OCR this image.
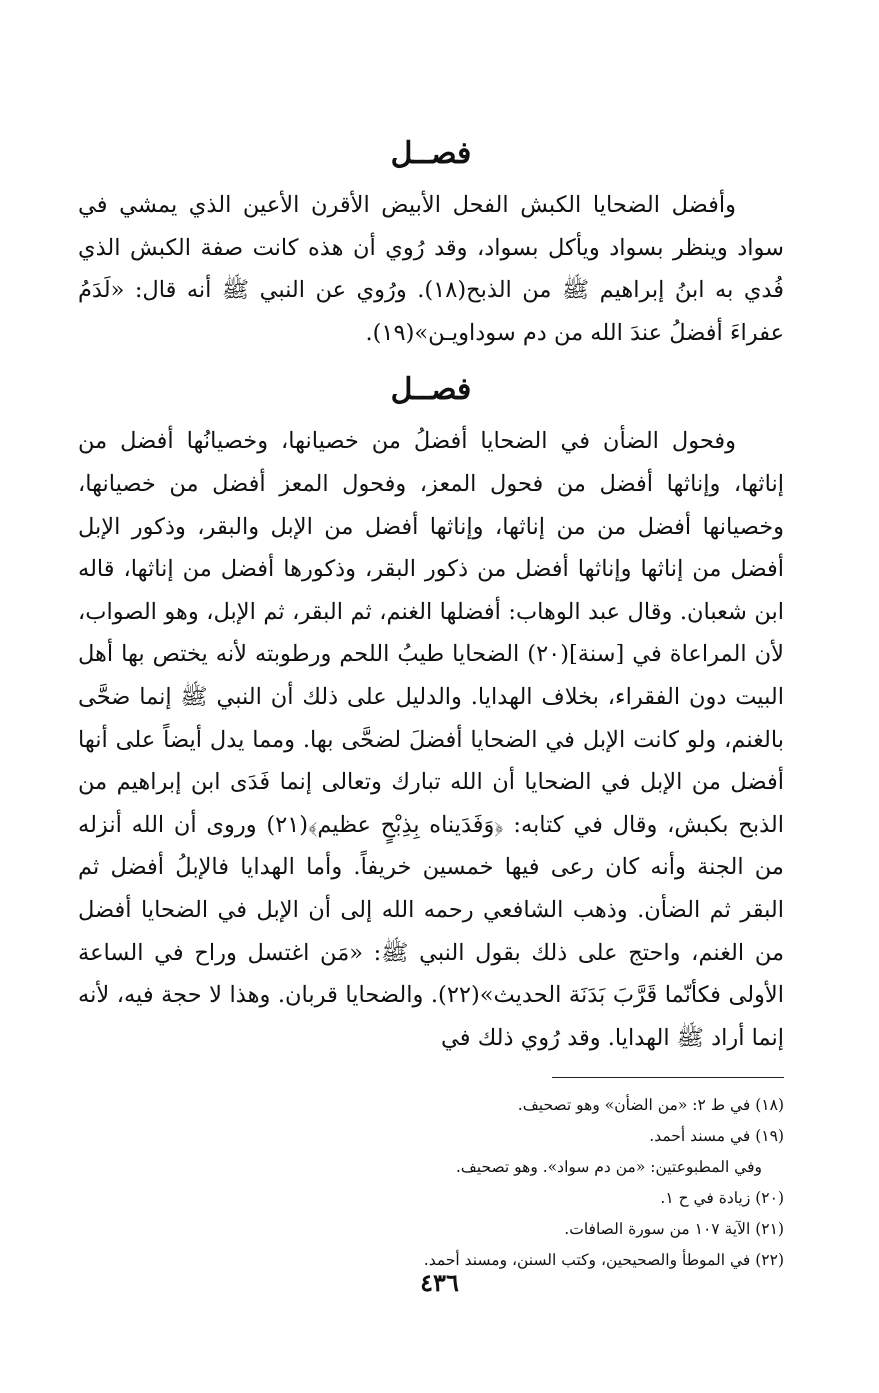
فصــل

وأفضل الضحايا الكبش الفحل الأبيض الأقرن الأعين الذي يمشي في سواد وينظر بسواد ويأكل بسواد، وقد رُوي أن هذه كانت صفة الكبش الذي فُدي به ابنُ إبراهيم ﷺ من الذبح(١٨). ورُوي عن النبي ﷺ أنه قال: «لَدَمُ عفراءَ أفضلُ عندَ الله من دم سوداويـن»(١٩).

فصــل

وفحول الضأن في الضحايا أفضلُ من خصيانها، وخصيانُها أفضل من إناثها، وإناثها أفضل من فحول المعز، وفحول المعز أفضل من خصيانها، وخصيانها أفضل من من إناثها، وإناثها أفضل من الإبل والبقر، وذكور الإبل أفضل من إناثها وإناثها أفضل من ذكور البقر، وذكورها أفضل من إناثها، قاله ابن شعبان. وقال عبد الوهاب: أفضلها الغنم، ثم البقر، ثم الإبل، وهو الصواب، لأن المراعاة في [سنة](٢٠) الضحايا طيبُ اللحم ورطوبته لأنه يختص بها أهل البيت دون الفقراء، بخلاف الهدايا. والدليل على ذلك أن النبي ﷺ إنما ضحَّى بالغنم، ولو كانت الإبل في الضحايا أفضلَ لضحَّى بها. ومما يدل أيضاً على أنها أفضل من الإبل في الضحايا أن الله تبارك وتعالى إنما فَدَى ابن إبراهيم من الذبح بكبش، وقال في كتابه: ﴿وَفَدَيناه بِذِبْحٍ عظيم﴾(٢١) وروى أن الله أنزله من الجنة وأنه كان رعى فيها خمسين خريفاً. وأما الهدايا فالإبلُ أفضل ثم البقر ثم الضأن. وذهب الشافعي رحمه الله إلى أن الإبل في الضحايا أفضل من الغنم، واحتج على ذلك بقول النبي ﷺ: «مَن اغتسل وراح في الساعة الأولى فكأنّما قَرَّبَ بَدَنَة الحديث»(٢٢). والضحايا قربان. وهذا لا حجة فيه، لأنه إنما أراد ﷺ الهدايا. وقد رُوي ذلك في

(١٨) في ط ٢: «من الضأن» وهو تصحيف.
(١٩) في مسند أحمد.
وفي المطبوعتين: «من دم سواد». وهو تصحيف.
(٢٠) زيادة في ح ١.
(٢١) الآية ١٠٧ من سورة الصافات.
(٢٢) في الموطأ والصحيحين، وكتب السنن، ومسند أحمد.
٤٣٦
